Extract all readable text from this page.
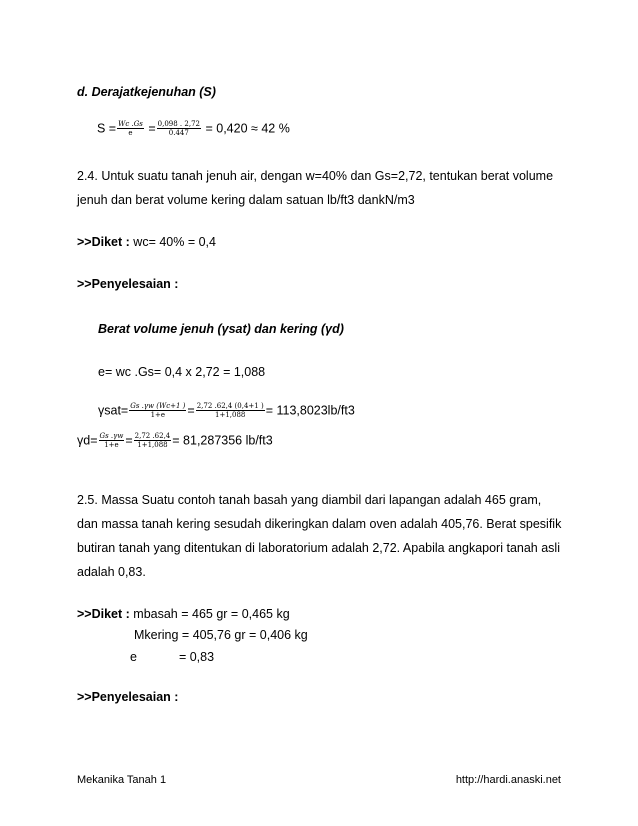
d. Derajatkejenuhan (S)
$S = \frac{Wc .Gs}{e} = \frac{0,098 . 2,72}{0.447} = 0,420 \approx 42$ %
2.4. Untuk suatu tanah jenuh air, dengan w=40% dan Gs=2,72, tentukan berat volume
jenuh dan berat volume kering dalam satuan lb/ft3 dankN/m3
>>Diket : wc= 40% = 0,4
>>Penyelesaian :
Berat volume jenuh (γsat) dan kering (γd)
e= wc .Gs= 0,4 x 2,72 = 1,088
$\gamma sat= \frac{Gs .\gamma w (Wc+1 )}{1+e} = \frac{2,72 .62,4 (0,4+1 )}{1+1,088} = 113,8023lb/ft3$
$\gamma d= \frac{Gs .\gamma w}{1+e} = \frac{2,72 .62,4}{1+1,088} = 81,287356$ lb/ft3
2.5. Massa Suatu contoh tanah basah yang diambil dari lapangan adalah 465 gram,
dan massa tanah kering sesudah dikeringkan dalam oven adalah 405,76. Berat spesifik
butiran tanah yang ditentukan di laboratorium adalah 2,72. Apabila angkapori tanah asli
adalah 0,83.
>>Diket : mbasah = 465 gr = 0,465 kg
Mkering = 405,76 gr = 0,406 kg
e	= 0,83
>>Penyelesaian :
Mekanika Tanah 1	http://hardi.anaski.net
